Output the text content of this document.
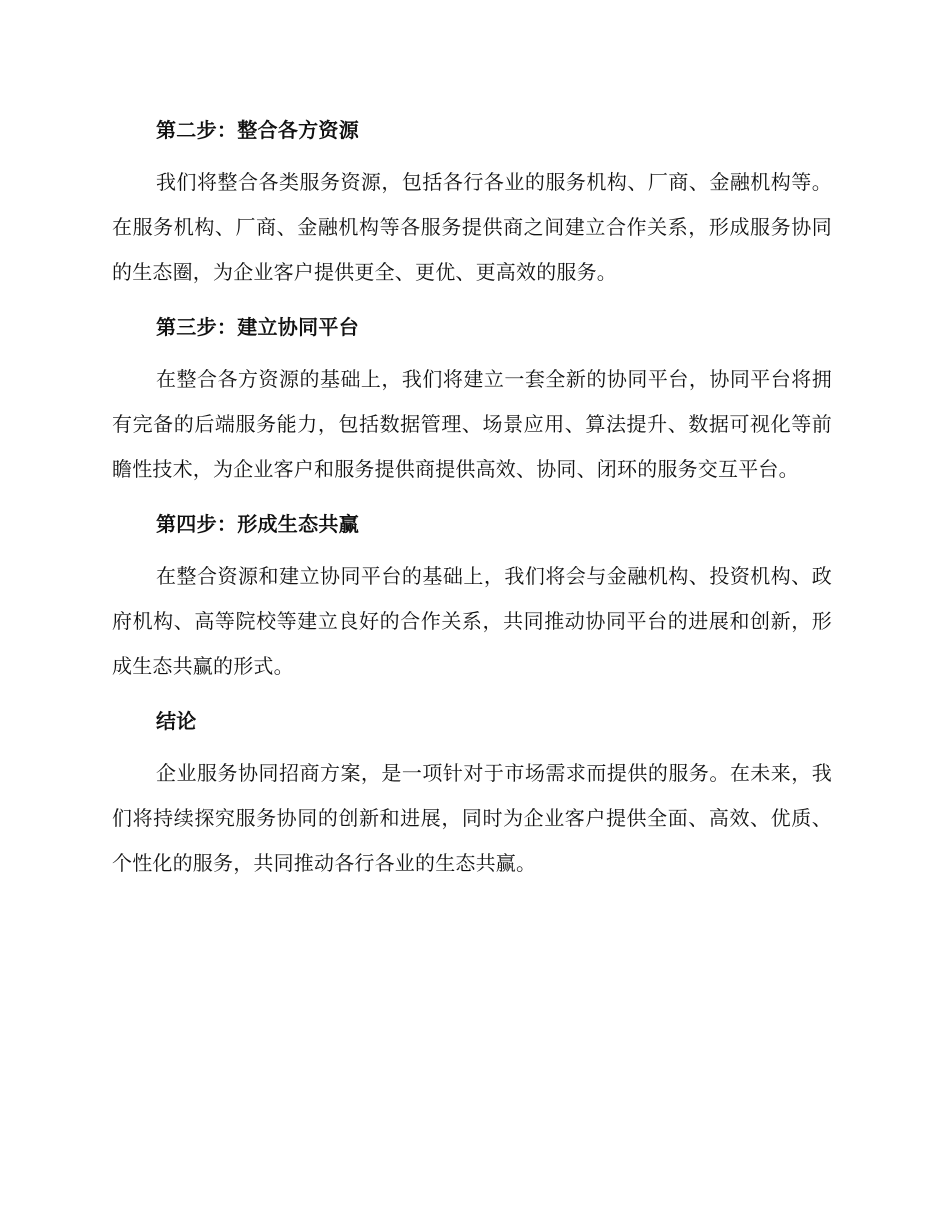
第二步：整合各方资源

我们将整合各类服务资源，包括各行各业的服务机构、厂商、金融机构等。在服务机构、厂商、金融机构等各服务提供商之间建立合作关系，形成服务协同的生态圈，为企业客户提供更全、更优、更高效的服务。

第三步：建立协同平台

在整合各方资源的基础上，我们将建立一套全新的协同平台，协同平台将拥有完备的后端服务能力，包括数据管理、场景应用、算法提升、数据可视化等前瞻性技术，为企业客户和服务提供商提供高效、协同、闭环的服务交互平台。

第四步：形成生态共赢

在整合资源和建立协同平台的基础上，我们将会与金融机构、投资机构、政府机构、高等院校等建立良好的合作关系，共同推动协同平台的进展和创新，形成生态共赢的形式。

结论

企业服务协同招商方案，是一项针对于市场需求而提供的服务。在未来，我们将持续探究服务协同的创新和进展，同时为企业客户提供全面、高效、优质、个性化的服务，共同推动各行各业的生态共赢。
